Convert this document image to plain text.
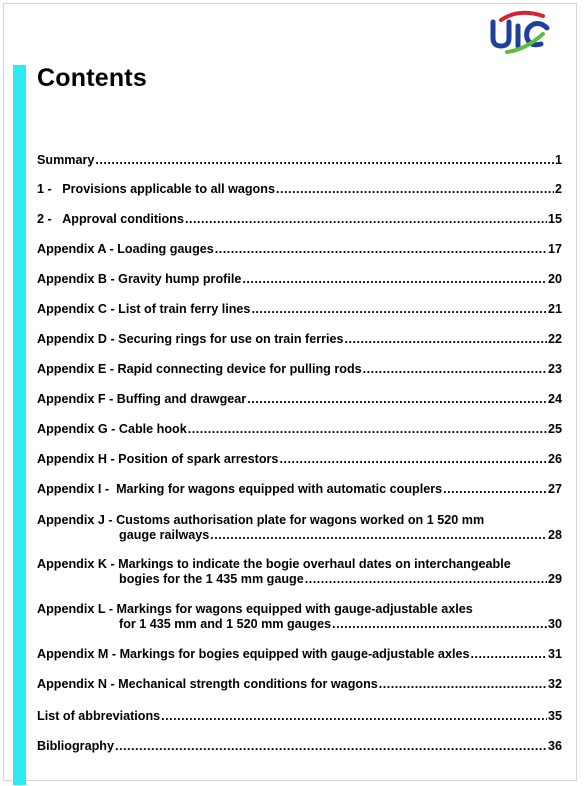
Contents
Summary .....	1
1 - Provisions applicable to all wagons .....	2
2 - Approval conditions .....	15
Appendix A - Loading gauges .....	17
Appendix B - Gravity hump profile .....	20
Appendix C - List of train ferry lines .....	21
Appendix D - Securing rings for use on train ferries .....	22
Appendix E - Rapid connecting device for pulling rods .....	23
Appendix F - Buffing and drawgear .....	24
Appendix G - Cable hook .....	25
Appendix H - Position of spark arrestors .....	26
Appendix I - Marking for wagons equipped with automatic couplers .....	27
Appendix J - Customs authorisation plate for wagons worked on 1 520 mm
gauge railways .....	28
Appendix K - Markings to indicate the bogie overhaul dates on interchangeable
bogies for the 1 435 mm gauge .....	29
Appendix L - Markings for wagons equipped with gauge-adjustable axles
for 1 435 mm and 1 520 mm gauges .....	30
Appendix M - Markings for bogies equipped with gauge-adjustable axles .....	31
Appendix N - Mechanical strength conditions for wagons .....	32
List of abbreviations .....	35
Bibliography .....	36
